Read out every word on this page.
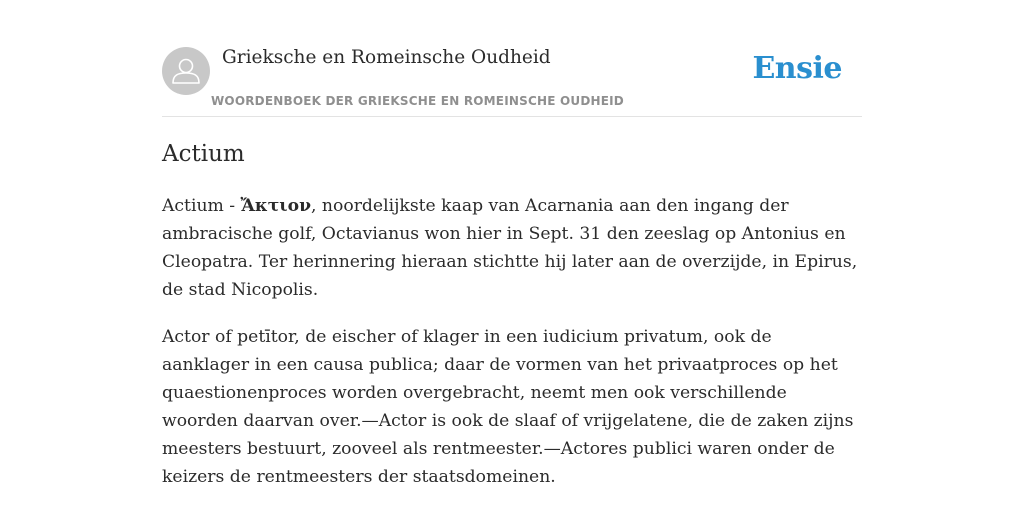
Grieksche en Romeinsche Oudheid
WOORDENBOEK DER GRIEKSCHE EN ROMEINSCHE OUDHEID
Ensie
Actium

Actium - Ἄκτιον, noordelijkste kaap van Acarnania aan den ingang der ambracische golf, Octavianus won hier in Sept. 31 den zeeslag op Antonius en Cleopatra. Ter herinnering hieraan stichtte hij later aan de overzijde, in Epirus, de stad Nicopolis.

Actor of petītor, de eischer of klager in een iudicium privatum, ook de aanklager in een causa publica; daar de vormen van het privaatproces op het quaestionenproces worden overgebracht, neemt men ook verschillende woorden daarvan over.—Actor is ook de slaaf of vrijgelatene, die de zaken zijns meesters bestuurt, zooveel als rentmeester.—Actores publici waren onder de keizers de rentmeesters der staatsdomeinen.
